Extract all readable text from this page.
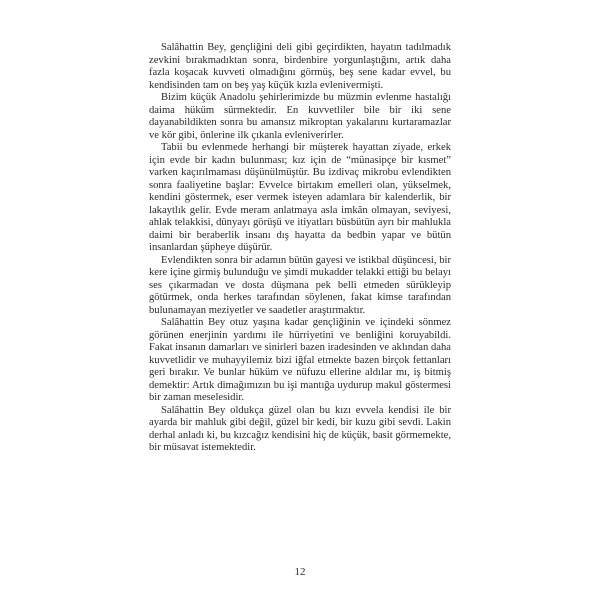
Salâhattin Bey, gençliğini deli gibi geçirdikten, hayatın tadılmadık zevkini bırakmadıktan sonra, birdenbire yorgunlaştığını, artık daha fazla koşacak kuvveti olmadığını görmüş, beş sene kadar evvel, bu kendisinden tam on beş yaş küçük kızla evlenivermişti.

Bizim küçük Anadolu şehirlerimizde bu müzmin evlenme hastalığı daima hüküm sürmektedir. En kuvvetliler bile bir iki sene dayanabildikten sonra bu amansız mikroptan yakalarını kurtaramazlar ve kör gibi, önlerine ilk çıkanla evleniverirler.

Tabii bu evlenmede herhangi bir müşterek hayattan ziyade, erkek için evde bir kadın bulunması; kız için de “münasipçe bir kısmet” varken kaçırılmaması düşünülmüştür. Bu izdivaç mikrobu evlendikten sonra faaliyetine başlar: Evvelce birtakım emelleri olan, yükselmek, kendini göstermek, eser vermek isteyen adamlara bir kalenderlik, bir lakaytlık gelir. Evde meram anlatmaya asla imkân olmayan, seviyesi, ahlak telakkisi, dünyayı görüşü ve itiyatları büsbütün ayrı bir mahlukla daimi bir beraberlik insanı dış hayatta da bedbin yapar ve bütün insanlardan şüpheye düşürür.

Evlendikten sonra bir adamın bütün gayesi ve istikbal düşüncesi, bir kere içine girmiş bulunduğu ve şimdi mukadder telakki ettiği bu belayı ses çıkarmadan ve dosta düşmana pek belli etmeden sürükleyip götürmek, onda herkes tarafından söylenen, fakat kimse tarafından bulunamayan meziyetler ve saadetler araştırmaktır.

Salâhattin Bey otuz yaşına kadar gençliğinin ve içindeki sönmez görünen enerjinin yardımı ile hürriyetini ve benliğini koruyabildi. Fakat insanın damarları ve sinirleri bazen iradesinden ve aklından daha kuvvetlidir ve muhayyilemiz bizi iğfal etmekte bazen birçok fettanları geri bırakır. Ve bunlar hüküm ve nüfuzu ellerine aldılar mı, iş bitmiş demektir: Artık dimağımızın bu işi mantığa uydurup makul göstermesi bir zaman meselesidir.

Salâhattin Bey oldukça güzel olan bu kızı evvela kendisi ile bir ayarda bir mahluk gibi değil, güzel bir kedi, bir kuzu gibi sevdi. Lakin derhal anladı ki, bu kızcağız kendisini hiç de küçük, basit görmemekte, bir müsavat istemektedir.

12
